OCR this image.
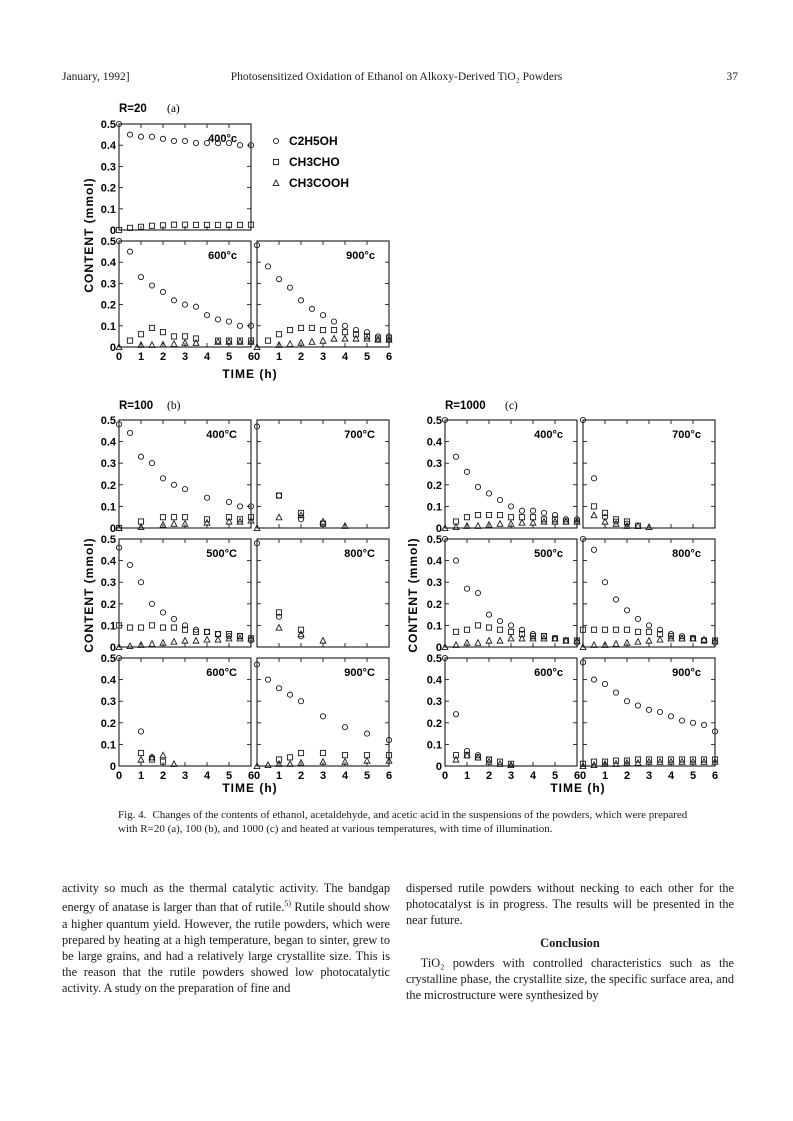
January, 1992]	Photosensitized Oxidation of Ethanol on Alkoxy-Derived TiO₂ Powders	37
0
0.1
0.2
0.3
0.4
0.5
400°c
0
0.1
0.2
0.3
0.4
0.5
0 1 2 3 4 5 6
600°c
1 2 3 4 5 6
0
900°c
0
0.1
0.2
0.3
0.4
0.5
400°C	700°C
0
0.1
0.2
0.3
0.4
0.5
500°C	800°C
0
0.1
0.2
0.3
0.4
0.5
0 1 2 3 4 5 6
600°C
1 2 3 4 5 6
0
900°C
0
0.1
0.2
0.3
0.4
0.5
400°c	700°c
0
0.1
0.2
0.3
0.4
0.5
500°c	800°c
0
0.1
0.2
0.3
0.4
0.5
0 1 2 3 4 5 6
600°c
1 2 3 4 5 6
0
900°c
R=20 (a)
R=100 (b)	R=1000 (c)
C2H5OH
CH3CHO
CH3COOH
CONTENT (mmol)
CONTENT (mmol)	CONTENT (mmol)
TIME (h)
TIME (h)	TIME (h)
Fig. 4. Changes of the contents of ethanol, acetaldehyde, and acetic acid in the suspensions of the powders, which were prepared with R=20 (a), 100 (b), and 1000 (c) and heated at various temperatures, with time of illumination.

activity so much as the thermal catalytic activity. The bandgap energy of anatase is larger than that of rutile.$^{5)}$ Rutile should show a higher quantum yield. However, the rutile powders, which were prepared by heating at a high temperature, began to sinter, grew to be large grains, and had a relatively large crystallite size. This is the reason that the rutile powders showed low photocatalytic activity. A study on the preparation of fine and

dispersed rutile powders without necking to each other for the photocatalyst is in progress. The results will be presented in the near future.

Conclusion

TiO₂ powders with controlled characteristics such as the crystalline phase, the crystallite size, the specific surface area, and the microstructure were synthesized by
